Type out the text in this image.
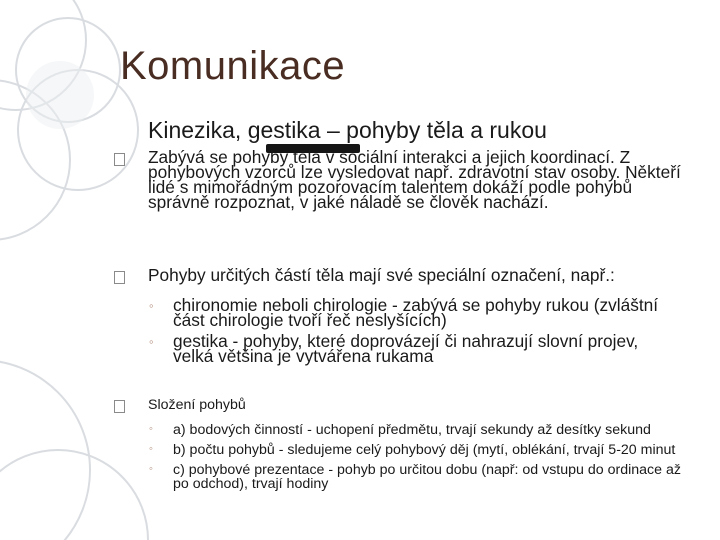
Komunikace
Kinezika, gestika – pohyby těla a rukou
Zabývá se pohyby těla v sociální interakci a jejich koordinací. Z pohybových vzorců lze vysledovat např. zdravotní stav osoby. Někteří lidé s mimořádným pozorovacím talentem dokáží podle pohybů správně rozpoznat, v jaké náladě se člověk nachází.
Pohyby určitých částí těla mají své speciální označení, např.:
◦	chironomie neboli chirologie - zabývá se pohyby rukou (zvláštní část chirologie tvoří řeč neslyšících)
◦	gestika - pohyby, které doprovázejí či nahrazují slovní projev, velká většina je vytvářena rukama
Složení pohybů
◦	a) bodových činností - uchopení předmětu, trvají sekundy až desítky sekund
◦	b) počtu pohybů - sledujeme celý pohybový děj (mytí, oblékání, trvají 5-20 minut
◦	c) pohybové prezentace - pohyb po určitou dobu (např: od vstupu do ordinace až po odchod), trvají hodiny
